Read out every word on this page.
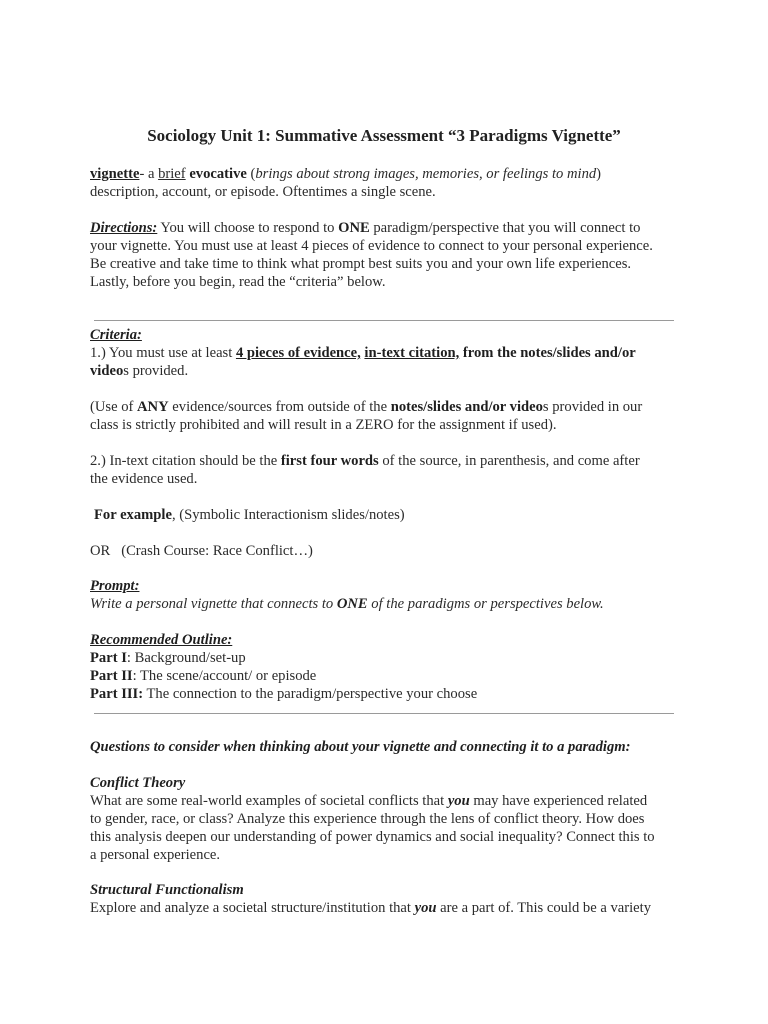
Sociology Unit 1: Summative Assessment “3 Paradigms Vignette”
vignette- a brief evocative (brings about strong images, memories, or feelings to mind)
description, account, or episode. Oftentimes a single scene.
Directions: You will choose to respond to ONE paradigm/perspective that you will connect to
your vignette. You must use at least 4 pieces of evidence to connect to your personal experience.
Be creative and take time to think what prompt best suits you and your own life experiences.
Lastly, before you begin, read the “criteria” below.
Criteria:
1.) You must use at least 4 pieces of evidence, in-text citation, from the notes/slides and/or
videos provided.
(Use of ANY evidence/sources from outside of the notes/slides and/or videos provided in our
class is strictly prohibited and will result in a ZERO for the assignment if used).
2.) In-text citation should be the first four words of the source, in parenthesis, and come after
the evidence used.
For example, (Symbolic Interactionism slides/notes)
OR   (Crash Course: Race Conflict…)
Prompt:
Write a personal vignette that connects to ONE of the paradigms or perspectives below.
Recommended Outline:
Part I: Background/set-up
Part II: The scene/account/ or episode
Part III: The connection to the paradigm/perspective your choose
Questions to consider when thinking about your vignette and connecting it to a paradigm:
Conflict Theory
What are some real-world examples of societal conflicts that you may have experienced related
to gender, race, or class? Analyze this experience through the lens of conflict theory. How does
this analysis deepen our understanding of power dynamics and social inequality? Connect this to
a personal experience.
Structural Functionalism
Explore and analyze a societal structure/institution that you are a part of. This could be a variety
